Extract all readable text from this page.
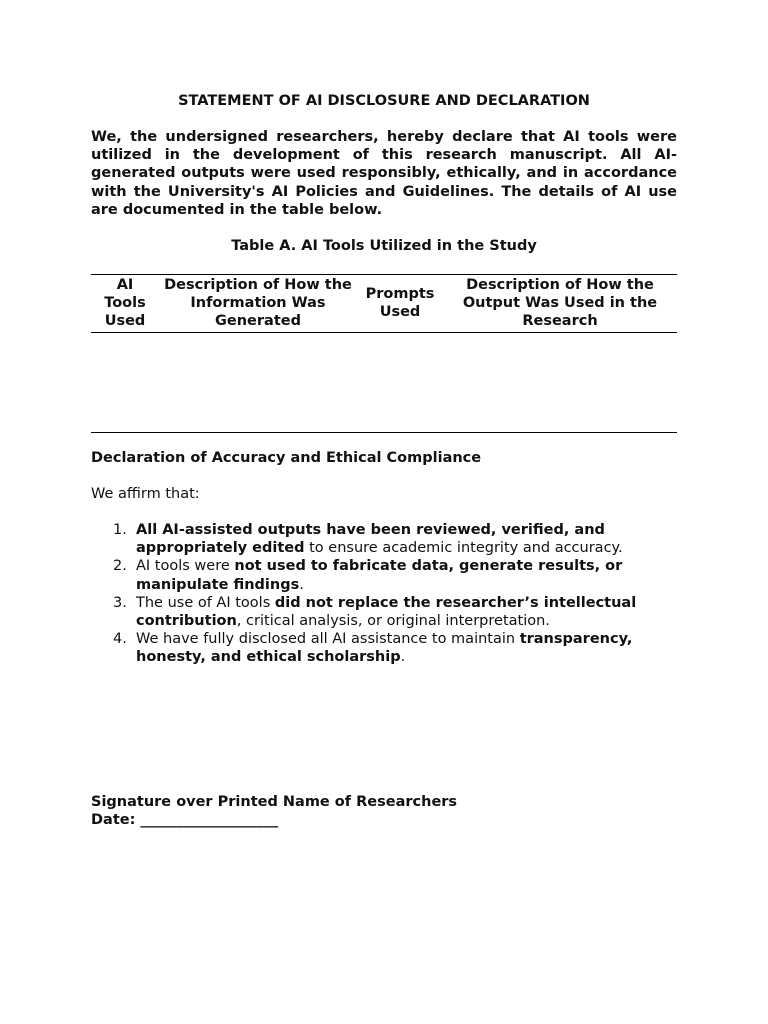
STATEMENT OF AI DISCLOSURE AND DECLARATION

We, the undersigned researchers, hereby declare that AI tools were utilized in the development of this research manuscript. All AI-generated outputs were used responsibly, ethically, and in accordance with the University's AI Policies and Guidelines. The details of AI use are documented in the table below.

Table A. AI Tools Utilized in the Study
AI Tools Used	Description of How the Information Was Generated	Prompts Used	Description of How the Output Was Used in the Research

Declaration of Accuracy and Ethical Compliance
We affirm that:
1. All AI-assisted outputs have been reviewed, verified, and appropriately edited to ensure academic integrity and accuracy.
2. AI tools were not used to fabricate data, generate results, or manipulate findings.
3. The use of AI tools did not replace the researcher’s intellectual contribution, critical analysis, or original interpretation.
4. We have fully disclosed all AI assistance to maintain transparency, honesty, and ethical scholarship.
Signature over Printed Name of Researchers
Date: ___________________
